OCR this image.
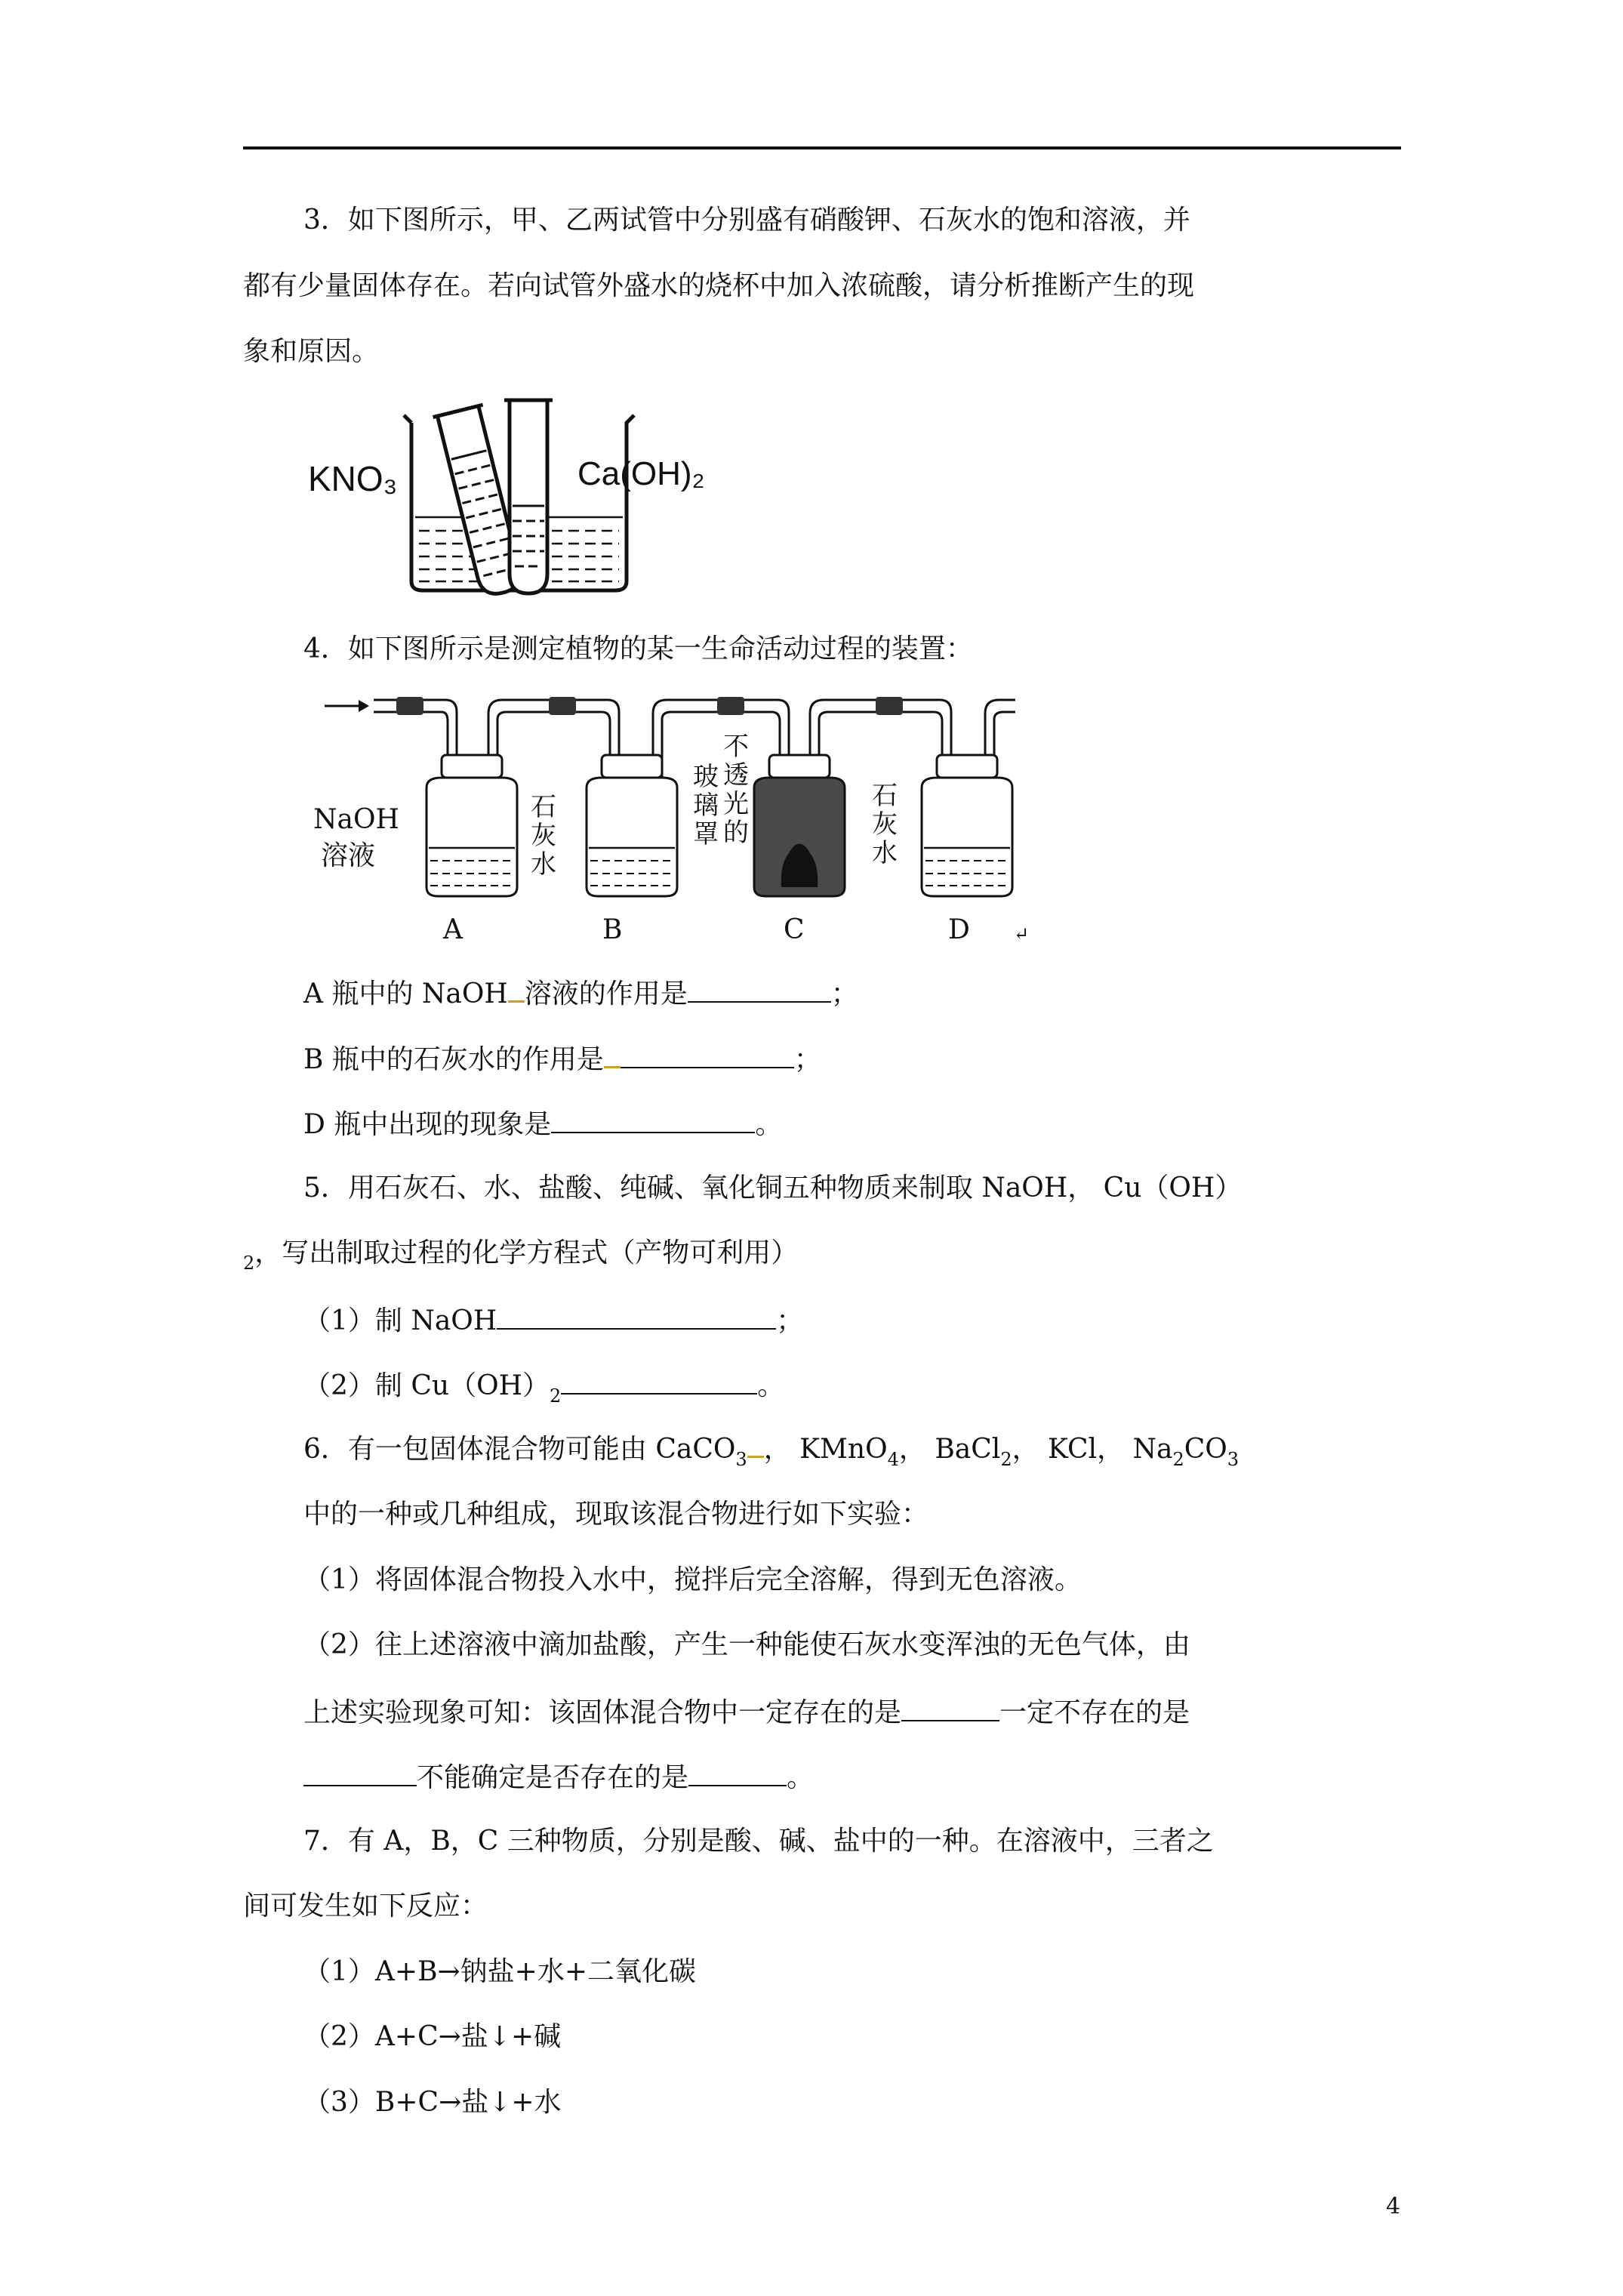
3．如下图所示，甲、乙两试管中分别盛有硝酸钾、石灰水的饱和溶液，并
都有少量固体存在。若向试管外盛水的烧杯中加入浓硫酸，请分析推断产生的现
象和原因。
KNO₃	Ca(OH)₂
4．如下图所示是测定植物的某一生命活动过程的装置：
NaOH
溶液
石
灰
水
玻
璃
罩
不
透
光
的
石
灰
水
A	B	C	D ↵
A 瓶中的 NaOH 溶液的作用是	；
B 瓶中的石灰水的作用是	；
D 瓶中出现的现象是	。
5．用石灰石、水、盐酸、纯碱、氧化铜五种物质来制取 NaOH， Cu（OH）
$_2$，写出制取过程的化学方程式（产物可利用）
（1）制 NaOH	；
（2）制 $Cu(OH)_2$	。
6．有一包固体混合物可能由 CaCO$_3$ ， KMnO$_4$， BaCl$_2$， KCl， $Na_2CO_3$
中的一种或几种组成，现取该混合物进行如下实验：
（1）将固体混合物投入水中，搅拌后完全溶解，得到无色溶液。
（2）往上述溶液中滴加盐酸，产生一种能使石灰水变浑浊的无色气体，由
上述实验现象可知：该固体混合物中一定存在的是	一定不存在的是
不能确定是否存在的是	。
7．有 A，B，C 三种物质，分别是酸、碱、盐中的一种。在溶液中，三者之
间可发生如下反应：
（1）A+B→钠盐+水+二氧化碳
（2）A+C→盐↓+碱
（3）B+C→盐↓+水
4
